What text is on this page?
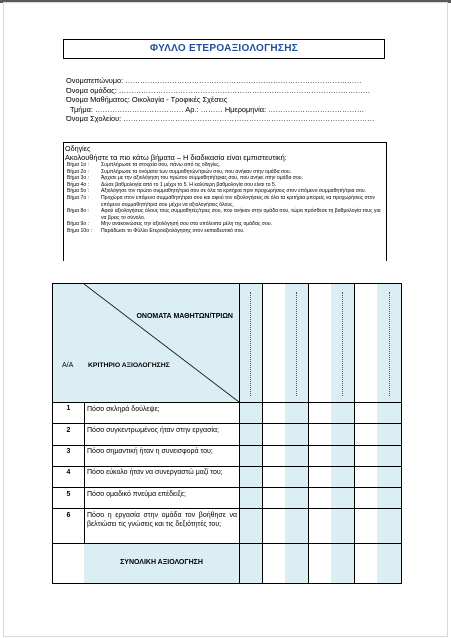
ΦΥΛΛΟ ΕΤΕΡΟΑΞΙΟΛΟΓΗΣΗΣ
Ονοματεπώνυμο: ……………………………………………………………………………………
Όνομα ομάδας: …………………………………………………………………………………………
Όνομα Μαθήματος: Οικολογία - Τροφικές Σχέσεις
Τμήμα: ……………………………… Αρ.: ……… Ημερομηνία: …………………………………
Όνομα Σχολείου: …………………………………………………………………………………………
Οδηγίες
Ακολουθήστε τα πιο κάτω βήματα – Η διαδικασία είναι εμπιστευτική:
Βήμα 1ο :	Συμπλήρωσε τα στοιχεία σου, πάνω από τις οδηγίες.
Βήμα 2ο :	Συμπλήρωσε τα ονόματα των συμμαθητών/τριών σου, που ανήκαν στην ομάδα σου.
Βήμα 3ο :	Άρχισε με την αξιολόγηση του πρώτου συμμαθητή/τριας σου, που ανήκε στην ομάδα σου.
Βήμα 4ο :	Δώσε βαθμολογία από το 1 μέχρι το 5. Η καλύτερη βαθμολογία σου είναι το 5.
Βήμα 5ο :	Αξιολόγησε τον πρώτο συμμαθητή/τρια σου σε όλα τα κριτήρια πριν προχωρήσεις στον επόμενο συμμαθητή/τρια σου.
Βήμα 7ο :	Προχώρα στον επόμενο συμμαθητή/τρια σου και αφού τον αξιολογήσεις σε όλα τα κριτήρια μπορείς να προχωρήσεις στον επόμενο συμμαθητή/τρια σου μέχρι να αξιολογήσεις όλους.
Βήμα 8ο :	Αφού αξιολογήσεις όλους τους συμμαθητές/τριες σου, που ανήκαν στην ομάδα σου, τώρα πρόσθεσε τη βαθμολογία τους για να βρεις το σύνολο.
Βήμα 9ο :	Μην ανακοινώσεις την αξιολόγησή σου στα υπόλοιπα μέλη της ομάδας σου.
Βήμα 10ο :	Παράδωσε το Φύλλο Ετεροαξιολόγησης στον εκπαιδευτικό σου.
Α/Α
ΟΝΟΜΑΤΑ ΜΑΘΗΤΩΝ/ΤΡΙΩΝ
ΚΡΙΤΗΡΙΟ ΑΞΙΟΛΟΓΗΣΗΣ
1	Πόσο σκληρά δούλεψε;
2	Πόσο συγκεντρωμένος ήταν στην εργασία;
3	Πόσο σημαντική ήταν η συνεισφορά του;
4	Πόσο εύκολο ήταν να συνεργαστώ μαζί του;
5	Πόσο ομαδικό πνεύμα επέδειξε;
6	Πόσο η εργασία στην ομάδα τον βοήθησε να βελτιώσει τις γνώσεις και τις δεξιότητές του;
ΣΥΝΟΛΙΚΗ ΑΞΙΟΛΟΓΗΣΗ
